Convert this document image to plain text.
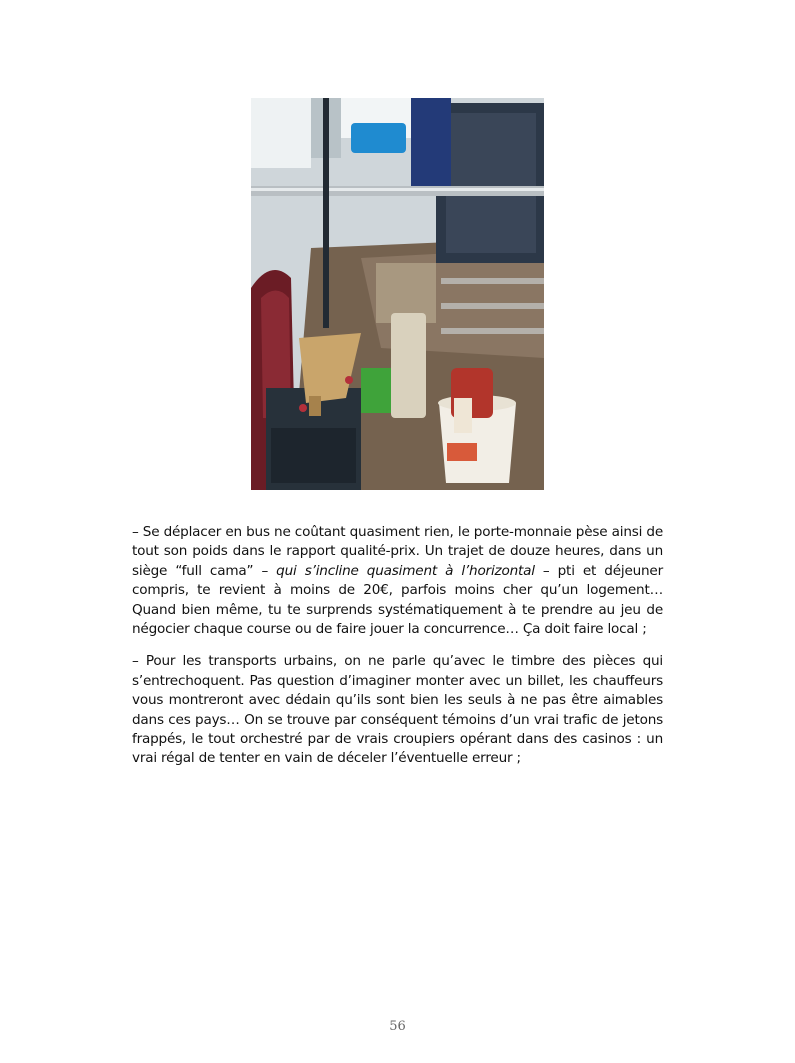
– Se déplacer en bus ne coûtant quasiment rien, le porte-monnaie pèse ainsi de tout son poids dans le rapport qualité-prix. Un trajet de douze heures, dans un siège “full cama” – qui s’incline quasiment à l’horizontal – pti et déjeuner compris, te revient à moins de 20€, parfois moins cher qu’un logement… Quand bien même, tu te surprends systématiquement à te prendre au jeu de négocier chaque course ou de faire jouer la concurrence… Ça doit faire local ;

– Pour les transports urbains, on ne parle qu’avec le timbre des pièces qui s’entrechoquent. Pas question d’imaginer monter avec un billet, les chauffeurs vous montreront avec dédain qu’ils sont bien les seuls à ne pas être aimables dans ces pays… On se trouve par conséquent témoins d’un vrai trafic de jetons frappés, le tout orchestré par de vrais croupiers opérant dans des casinos : un vrai régal de tenter en vain de déceler l’éventuelle erreur ;

56
